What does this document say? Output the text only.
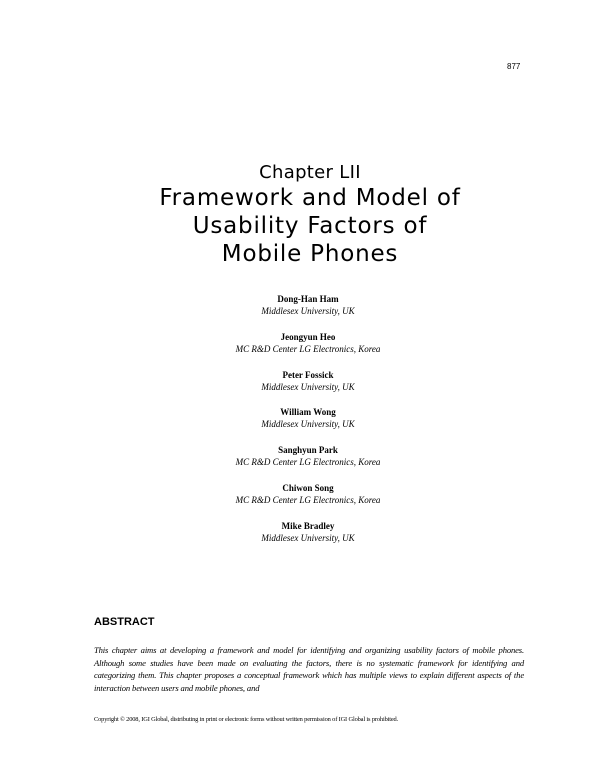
877
Chapter LII
Framework and Model of
Usability Factors of
Mobile Phones
Dong-Han Ham
Middlesex University, UK
Jeongyun Heo
MC R&D Center LG Electronics, Korea
Peter Fossick
Middlesex University, UK
William Wong
Middlesex University, UK
Sanghyun Park
MC R&D Center LG Electronics, Korea
Chiwon Song
MC R&D Center LG Electronics, Korea
Mike Bradley
Middlesex University, UK
ABSTRACT

This chapter aims at developing a framework and model for identifying and organizing usability factors of mobile phones. Although some studies have been made on evaluating the factors, there is no systematic framework for identifying and categorizing them. This chapter proposes a conceptual framework which has multiple views to explain different aspects of the interaction between users and mobile phones, and

Copyright © 2008, IGI Global, distributing in print or electronic forms without written permission of IGI Global is prohibited.
